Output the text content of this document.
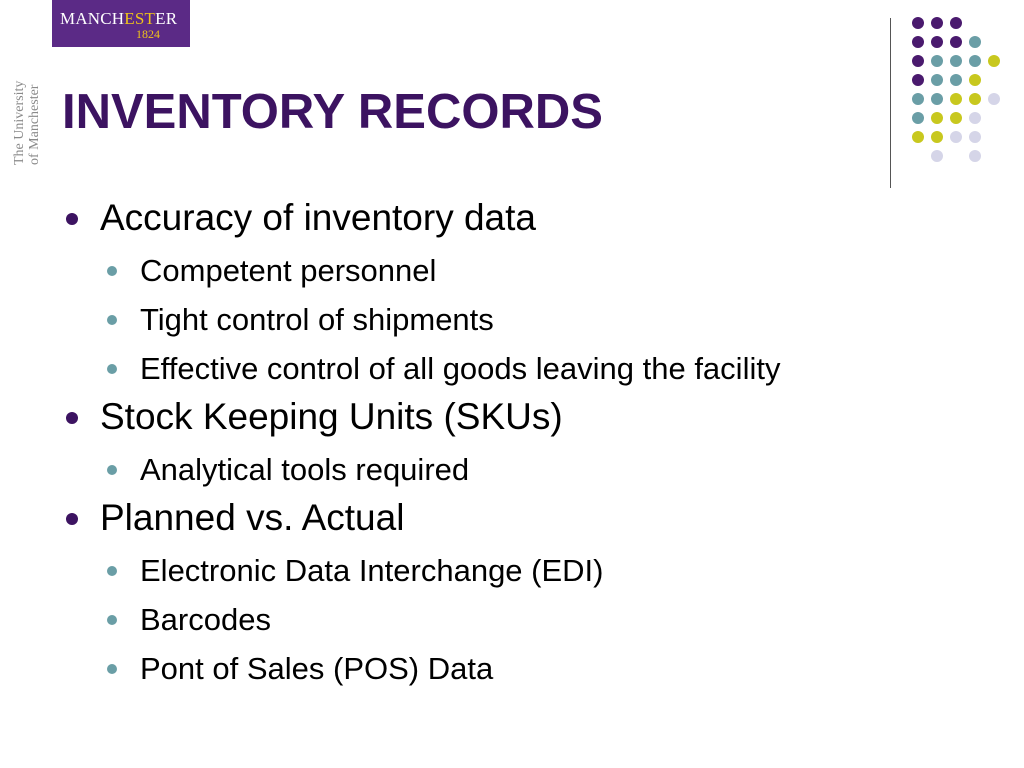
MANCHESTER
1824
The University of Manchester INVENTORY RECORDS
Accuracy of inventory data
Competent personnel
Tight control of shipments
Effective control of all goods leaving the facility
Stock Keeping Units (SKUs)
Analytical tools required
Planned vs. Actual
Electronic Data Interchange (EDI)
Barcodes
Pont of Sales (POS) Data
